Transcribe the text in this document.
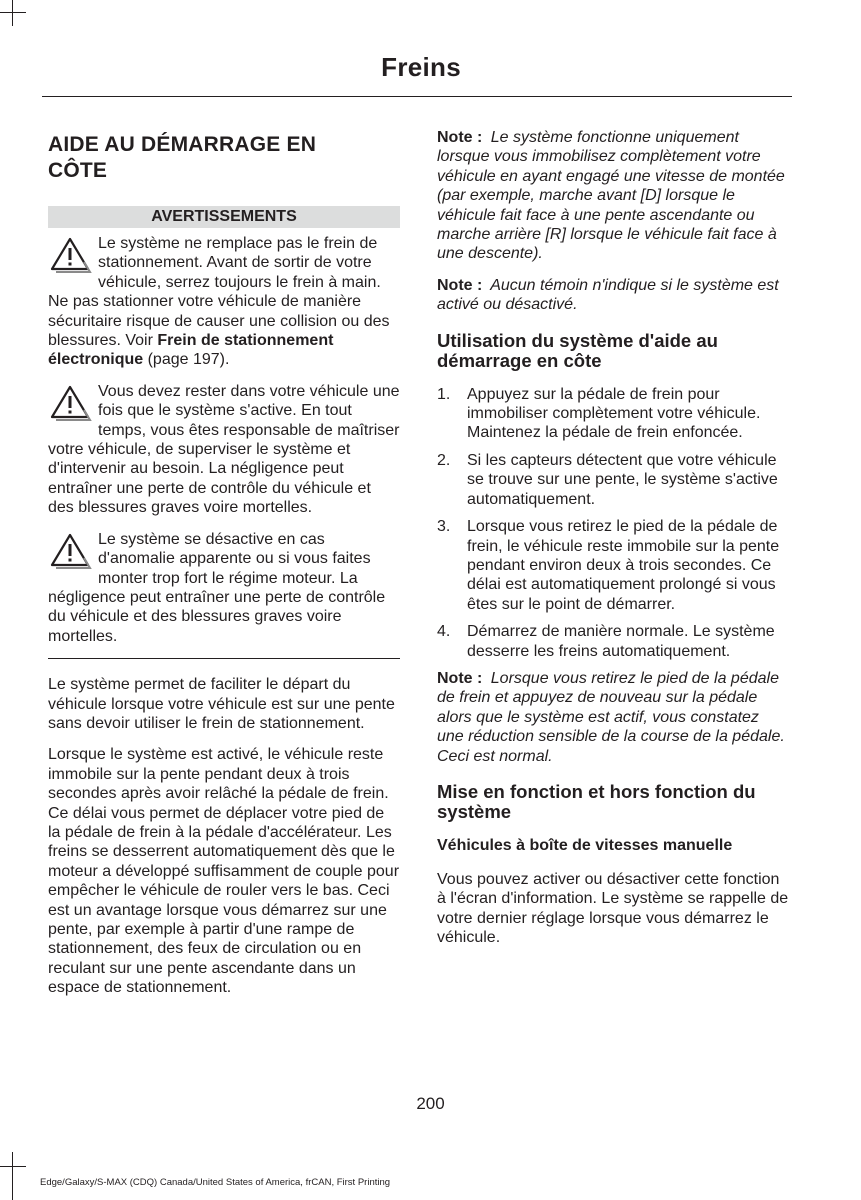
Freins
AIDE AU DÉMARRAGE EN CÔTE
AVERTISSEMENTS
Le système ne remplace pas le frein de stationnement. Avant de sortir de votre véhicule, serrez toujours le frein à main. Ne pas stationner votre véhicule de manière sécuritaire risque de causer une collision ou des blessures. Voir Frein de stationnement électronique (page 197).
Vous devez rester dans votre véhicule une fois que le système s'active. En tout temps, vous êtes responsable de maîtriser votre véhicule, de superviser le système et d'intervenir au besoin. La négligence peut entraîner une perte de contrôle du véhicule et des blessures graves voire mortelles.
Le système se désactive en cas d'anomalie apparente ou si vous faites monter trop fort le régime moteur. La négligence peut entraîner une perte de contrôle du véhicule et des blessures graves voire mortelles.

Le système permet de faciliter le départ du véhicule lorsque votre véhicule est sur une pente sans devoir utiliser le frein de stationnement.

Lorsque le système est activé, le véhicule reste immobile sur la pente pendant deux à trois secondes après avoir relâché la pédale de frein. Ce délai vous permet de déplacer votre pied de la pédale de frein à la pédale d'accélérateur. Les freins se desserrent automatiquement dès que le moteur a développé suffisamment de couple pour empêcher le véhicule de rouler vers le bas. Ceci est un avantage lorsque vous démarrez sur une pente, par exemple à partir d'une rampe de stationnement, des feux de circulation ou en reculant sur une pente ascendante dans un espace de stationnement.

Note : Le système fonctionne uniquement lorsque vous immobilisez complètement votre véhicule en ayant engagé une vitesse de montée (par exemple, marche avant [D] lorsque le véhicule fait face à une pente ascendante ou marche arrière [R] lorsque le véhicule fait face à une descente).

Note : Aucun témoin n'indique si le système est activé ou désactivé.

Utilisation du système d'aide au démarrage en côte
1. Appuyez sur la pédale de frein pour immobiliser complètement votre véhicule. Maintenez la pédale de frein enfoncée.
2. Si les capteurs détectent que votre véhicule se trouve sur une pente, le système s'active automatiquement.
3. Lorsque vous retirez le pied de la pédale de frein, le véhicule reste immobile sur la pente pendant environ deux à trois secondes. Ce délai est automatiquement prolongé si vous êtes sur le point de démarrer.
4. Démarrez de manière normale. Le système desserre les freins automatiquement.

Note : Lorsque vous retirez le pied de la pédale de frein et appuyez de nouveau sur la pédale alors que le système est actif, vous constatez une réduction sensible de la course de la pédale. Ceci est normal.

Mise en fonction et hors fonction du système
Véhicules à boîte de vitesses manuelle

Vous pouvez activer ou désactiver cette fonction à l'écran d'information. Le système se rappelle de votre dernier réglage lorsque vous démarrez le véhicule.

200
Edge/Galaxy/S-MAX (CDQ) Canada/United States of America, frCAN, First Printing
